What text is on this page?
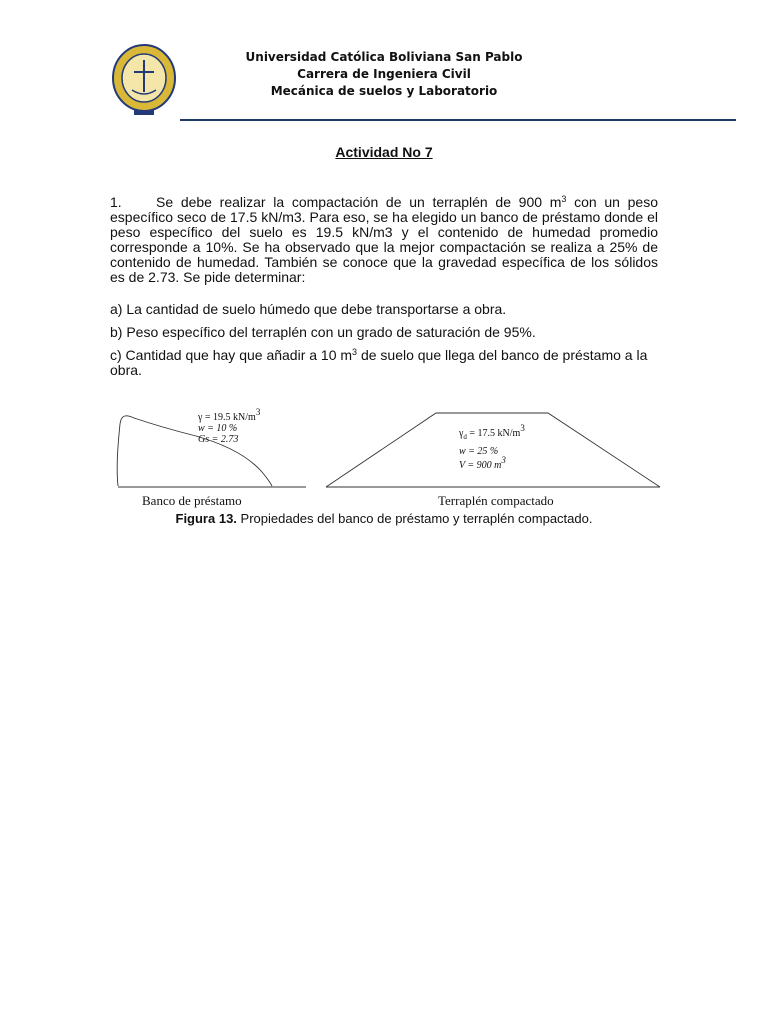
Universidad Católica Boliviana San Pablo
Carrera de Ingeniera Civil
Mecánica de suelos y Laboratorio
Actividad No 7
1. Se debe realizar la compactación de un terraplén de 900 $m^3$ con un peso específico seco de 17.5 kN/m3. Para eso, se ha elegido un banco de préstamo donde el peso específico del suelo es 19.5 kN/m3 y el contenido de humedad promedio corresponde a 10%. Se ha observado que la mejor compactación se realiza a 25% de contenido de humedad. También se conoce que la gravedad específica de los sólidos es de 2.73. Se pide determinar:
a) La cantidad de suelo húmedo que debe transportarse a obra.
b) Peso específico del terraplén con un grado de saturación de 95%.
c) Cantidad que hay que añadir a 10 $m^3$ de suelo que llega del banco de préstamo a la obra.
γ = 19.5 $kN/m^3$
w = 10 %
Gs = 2.73
$\gamma_d = 17.5$ $kN/m^3$
w = 25 %
V = 900 $m^3$
Banco de préstamo	Terraplén compactado
Figura 13. Propiedades del banco de préstamo y terraplén compactado.
